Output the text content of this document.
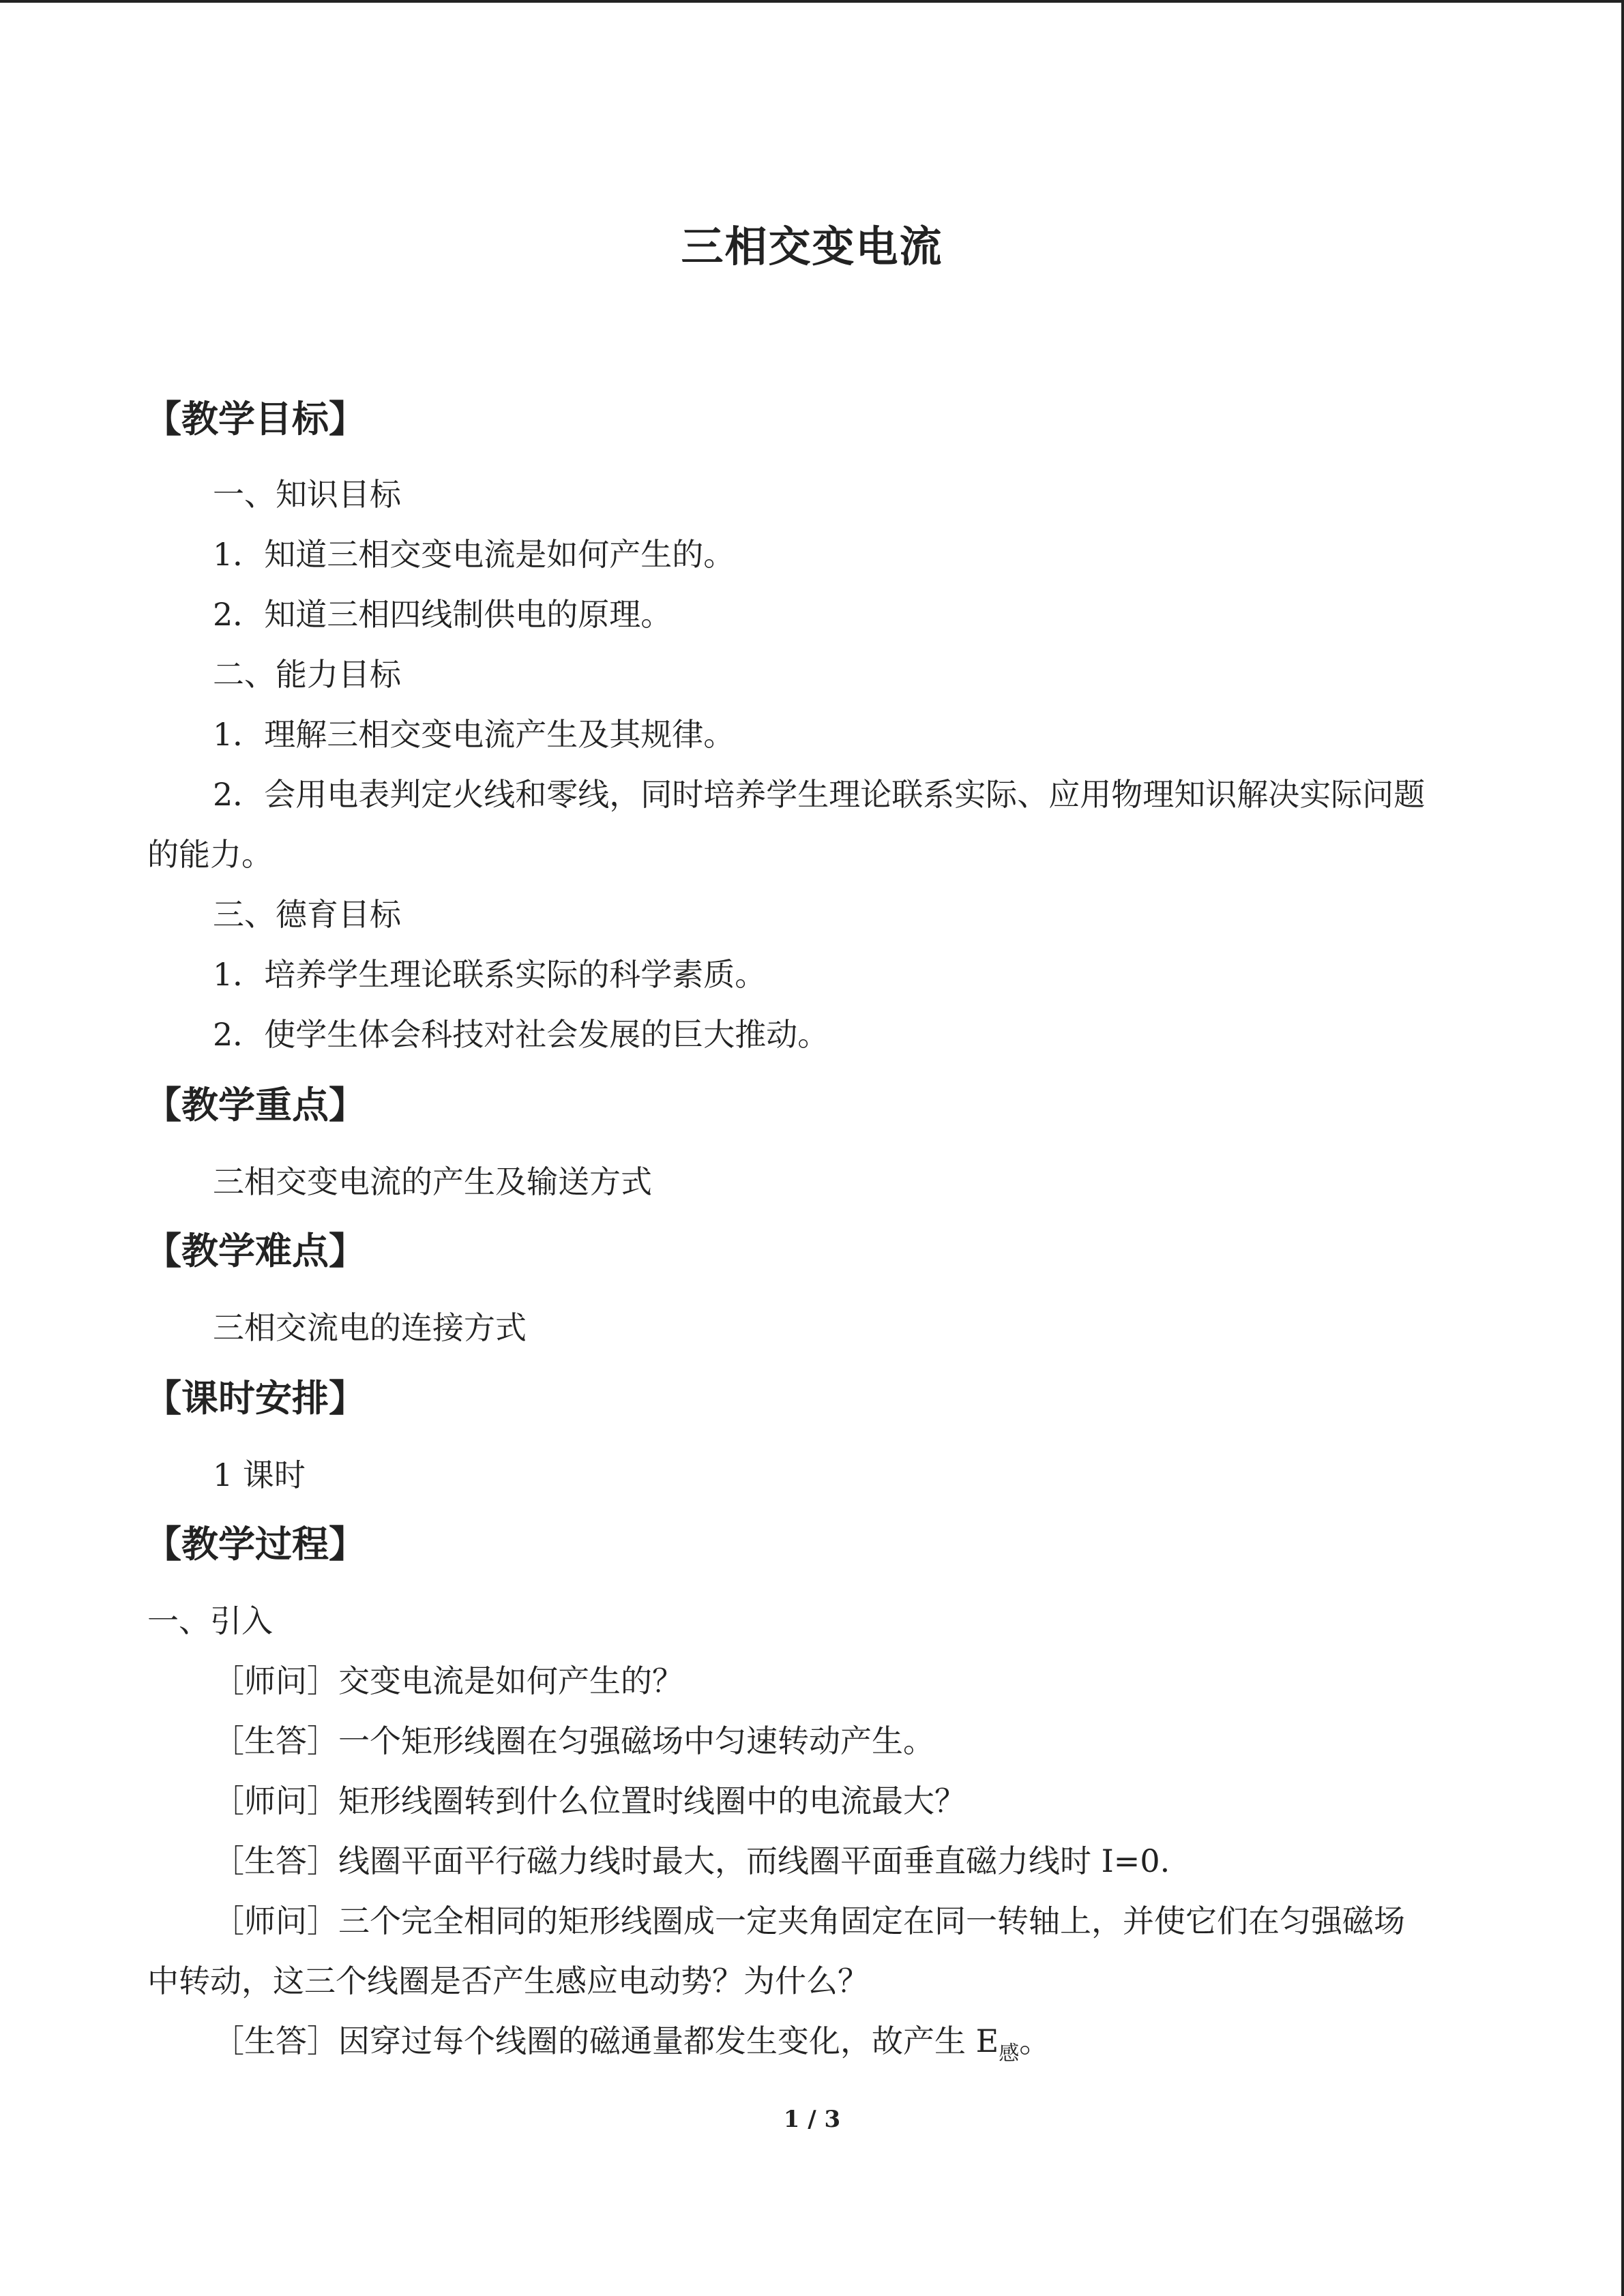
三相交变电流
【教学目标】
一、知识目标
1．知道三相交变电流是如何产生的。
2．知道三相四线制供电的原理。
二、能力目标
1．理解三相交变电流产生及其规律。
2．会用电表判定火线和零线，同时培养学生理论联系实际、应用物理知识解决实际问题
的能力。
三、德育目标
1．培养学生理论联系实际的科学素质。
2．使学生体会科技对社会发展的巨大推动。
【教学重点】
三相交变电流的产生及输送方式
【教学难点】
三相交流电的连接方式
【课时安排】
1 课时
【教学过程】
一、引入
［师问］交变电流是如何产生的？
［生答］一个矩形线圈在匀强磁场中匀速转动产生。
［师问］矩形线圈转到什么位置时线圈中的电流最大？
［生答］线圈平面平行磁力线时最大，而线圈平面垂直磁力线时 I=0.
［师问］三个完全相同的矩形线圈成一定夹角固定在同一转轴上，并使它们在匀强磁场
中转动，这三个线圈是否产生感应电动势？为什么？
［生答］因穿过每个线圈的磁通量都发生变化，故产生 $E_感$。
1 / 3
